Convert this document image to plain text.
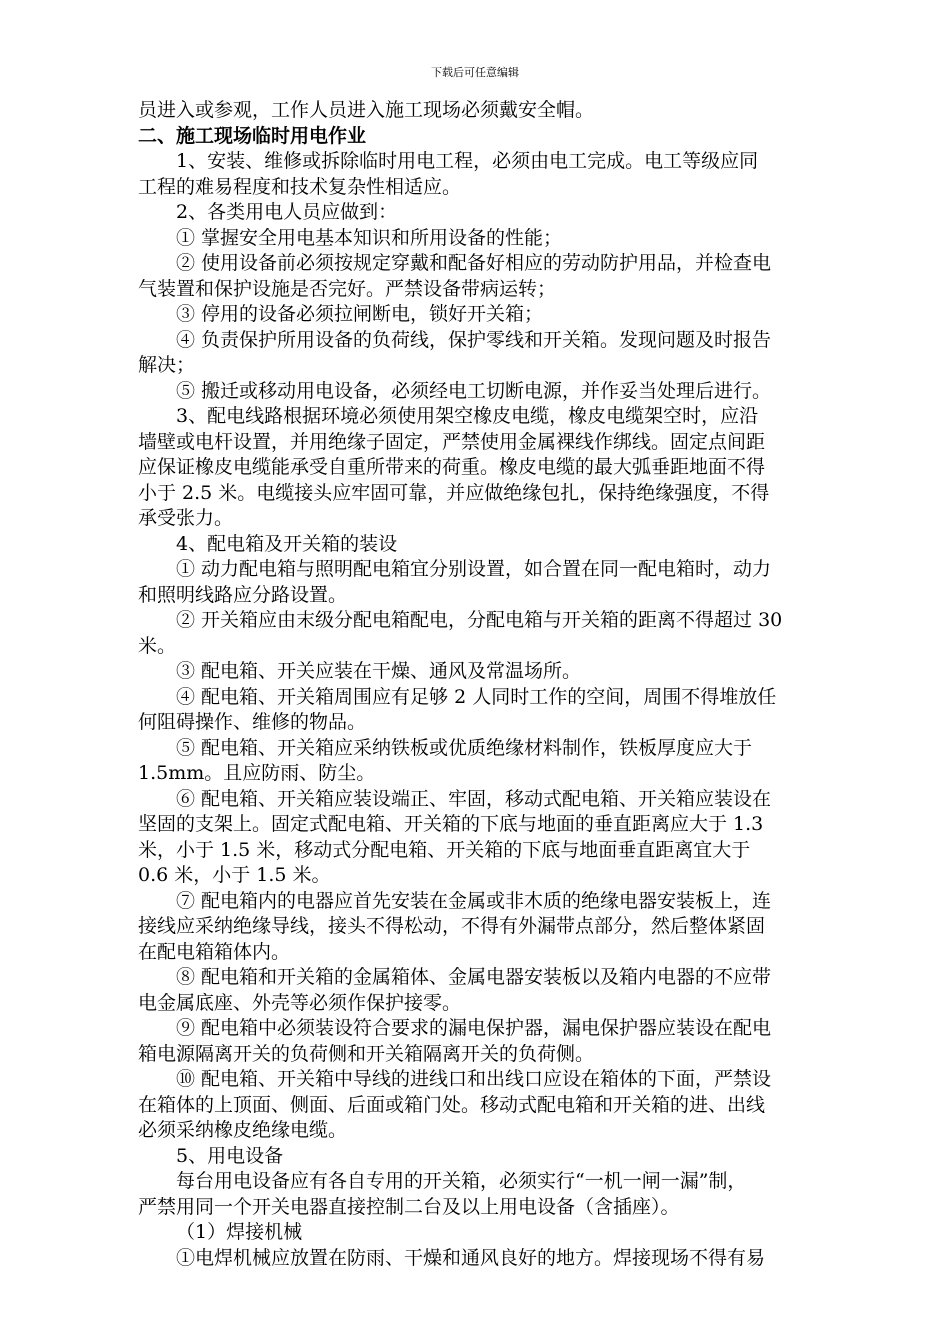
下载后可任意编辑
员进入或参观，工作人员进入施工现场必须戴安全帽。
二、施工现场临时用电作业
1、安装、维修或拆除临时用电工程，必须由电工完成。电工等级应同
工程的难易程度和技术复杂性相适应。
2、各类用电人员应做到：
① 掌握安全用电基本知识和所用设备的性能；
② 使用设备前必须按规定穿戴和配备好相应的劳动防护用品，并检查电
气装置和保护设施是否完好。严禁设备带病运转；
③ 停用的设备必须拉闸断电，锁好开关箱；
④ 负责保护所用设备的负荷线，保护零线和开关箱。发现问题及时报告
解决；
⑤ 搬迁或移动用电设备，必须经电工切断电源，并作妥当处理后进行。
3、配电线路根据环境必须使用架空橡皮电缆，橡皮电缆架空时，应沿
墙壁或电杆设置，并用绝缘子固定，严禁使用金属裸线作绑线。固定点间距
应保证橡皮电缆能承受自重所带来的荷重。橡皮电缆的最大弧垂距地面不得
小于 2.5 米。电缆接头应牢固可靠，并应做绝缘包扎，保持绝缘强度，不得
承受张力。
4、配电箱及开关箱的装设
① 动力配电箱与照明配电箱宜分别设置，如合置在同一配电箱时，动力
和照明线路应分路设置。
② 开关箱应由末级分配电箱配电，分配电箱与开关箱的距离不得超过 30
米。
③ 配电箱、开关应装在干燥、通风及常温场所。
④ 配电箱、开关箱周围应有足够 2 人同时工作的空间，周围不得堆放任
何阻碍操作、维修的物品。
⑤ 配电箱、开关箱应采纳铁板或优质绝缘材料制作，铁板厚度应大于
1.5mm。且应防雨、防尘。
⑥ 配电箱、开关箱应装设端正、牢固，移动式配电箱、开关箱应装设在
坚固的支架上。固定式配电箱、开关箱的下底与地面的垂直距离应大于 1.3
米，小于 1.5 米，移动式分配电箱、开关箱的下底与地面垂直距离宜大于
0.6 米，小于 1.5 米。
⑦ 配电箱内的电器应首先安装在金属或非木质的绝缘电器安装板上，连
接线应采纳绝缘导线，接头不得松动，不得有外漏带点部分，然后整体紧固
在配电箱箱体内。
⑧ 配电箱和开关箱的金属箱体、金属电器安装板以及箱内电器的不应带
电金属底座、外壳等必须作保护接零。
⑨ 配电箱中必须装设符合要求的漏电保护器，漏电保护器应装设在配电
箱电源隔离开关的负荷侧和开关箱隔离开关的负荷侧。
⑩ 配电箱、开关箱中导线的进线口和出线口应设在箱体的下面，严禁设
在箱体的上顶面、侧面、后面或箱门处。移动式配电箱和开关箱的进、出线
必须采纳橡皮绝缘电缆。
5、用电设备
每台用电设备应有各自专用的开关箱，必须实行“一机一闸一漏”制，
严禁用同一个开关电器直接控制二台及以上用电设备（含插座）。
（1）焊接机械
①电焊机械应放置在防雨、干燥和通风良好的地方。焊接现场不得有易
